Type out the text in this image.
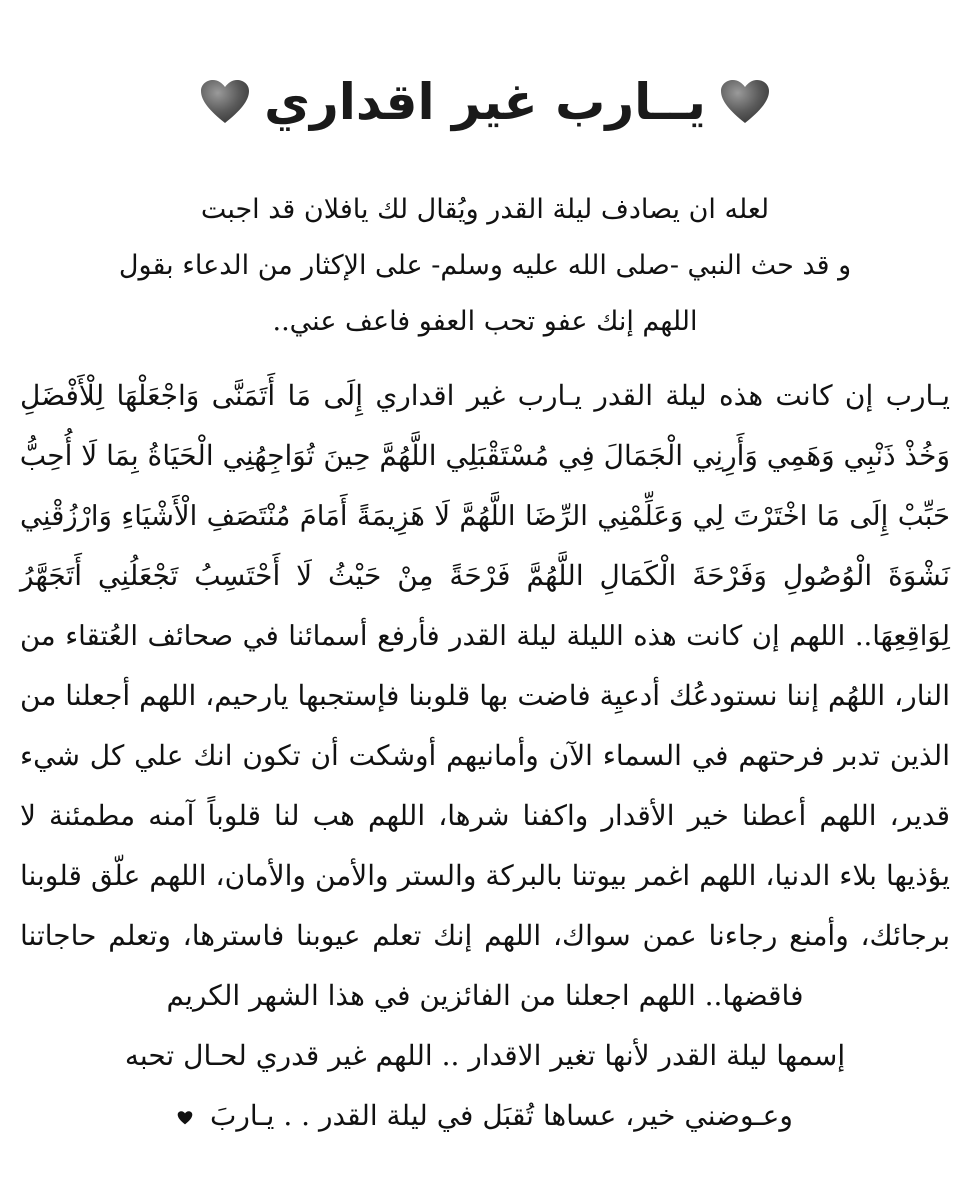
يــارب غير اقداري
لعله ان يصادف ليلة القدر ويُقال لك يافلان قد اجبت
و قد حث النبي -صلى الله عليه وسلم- على الإكثار من الدعاء بقول
اللهم إنك عفو تحب العفو فاعف عني..
يـارب إن كانت هذه ليلة القدر يـارب غير اقداري إِلَى مَا أَتَمَنَّى وَاجْعَلْهَا لِلْأَفْضَلِ
وَخُذْ ذَنْبِي وَهَمِي وَأَرِنِي الْجَمَالَ فِي مُسْتَقْبَلِي اللَّهُمَّ حِينَ تُوَاجِهُنِي الْحَيَاةُ بِمَا لَا أُحِبُّ
حَبِّبْ إِلَى مَا اخْتَرْتَ لِي وَعَلِّمْنِي الرِّضَا اللَّهُمَّ لَا هَزِيمَةً أَمَامَ مُنْتَصَفِ الْأَشْيَاءِ وَارْزُقْنِي
نَشْوَةَ الْوُصُولِ وَفَرْحَةَ الْكَمَالِ اللَّهُمَّ فَرْحَةً مِنْ حَيْثُ لَا أَحْتَسِبُ تَجْعَلُنِي أَتَجَهَّرُ
لِوَاقِعِهَا.. اللهم إن كانت هذه الليلة ليلة القدر فأرفع أسمائنا في صحائف العُتقاء من
النار، اللهُم إننا نستودعُك أدعيِة فاضت بها قلوبنا فإستجبها يارحيم، اللهم أجعلنا من
الذين تدبر فرحتهم في السماء الآن وأمانيهم أوشكت أن تكون انك علي كل شيء
قدير، اللهم أعطنا خير الأقدار واكفنا شرها، اللهم هب لنا قلوباً آمنه مطمئنة لا
يؤذيها بلاء الدنيا، اللهم اغمر بيوتنا بالبركة والستر والأمن والأمان، اللهم علّق قلوبنا
برجائك، وأمنع رجاءنا عمن سواك، اللهم إنك تعلم عيوبنا فاسترها، وتعلم حاجاتنا
فاقضها.. اللهم اجعلنا من الفائزين في هذا الشهر الكريم
إسمها ليلة القدر لأنها تغير الاقدار .. اللهم غير قدري لحـال تحبه
وعـوضني خير، عساها تُقبَل في ليلة القدر . . يـاربَ
